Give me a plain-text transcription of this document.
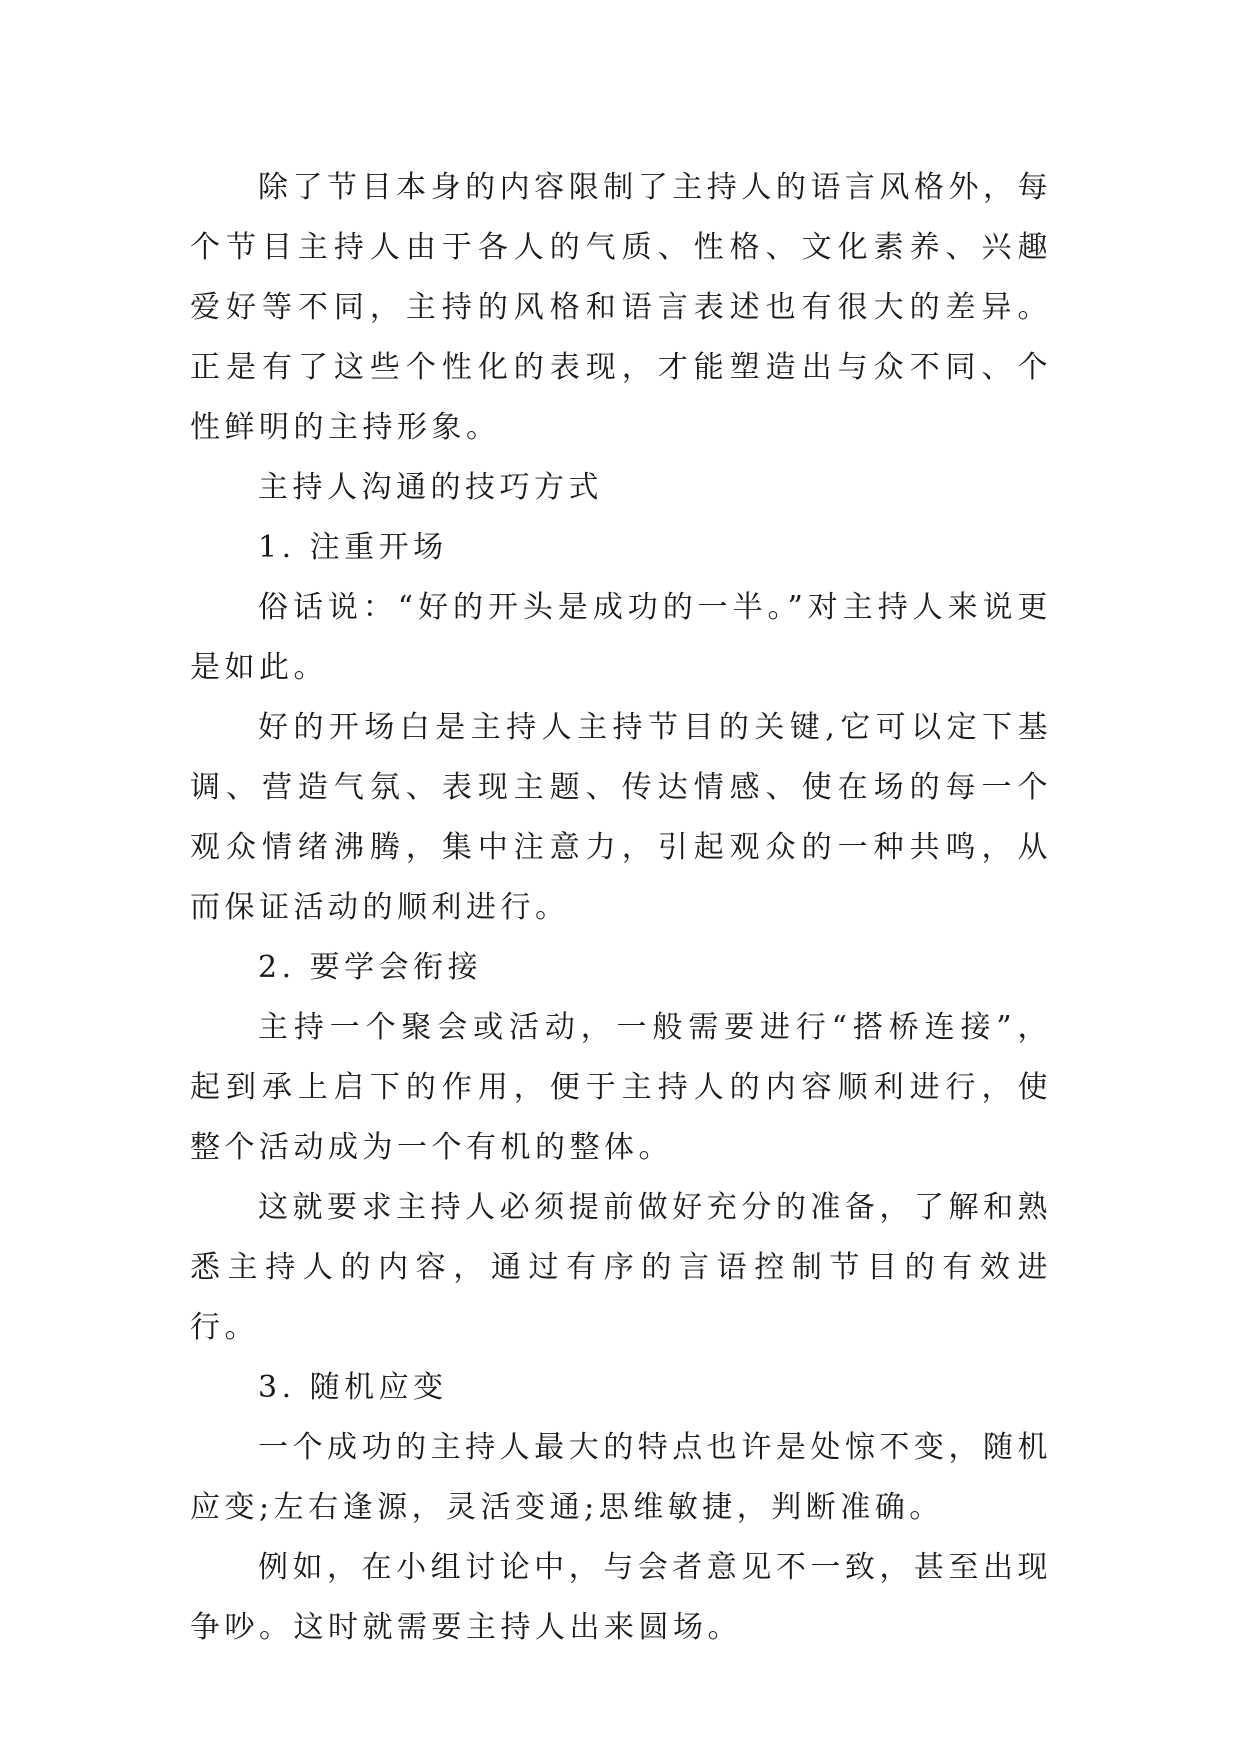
除了节目本身的内容限制了主持人的语言风格外，每个节目主持人由于各人的气质、性格、文化素养、兴趣爱好等不同，主持的风格和语言表述也有很大的差异。正是有了这些个性化的表现，才能塑造出与众不同、个性鲜明的主持形象。

主持人沟通的技巧方式

1. 注重开场

俗话说：“好的开头是成功的一半。”对主持人来说更是如此。

好的开场白是主持人主持节目的关键,它可以定下基调、营造气氛、表现主题、传达情感、使在场的每一个观众情绪沸腾，集中注意力，引起观众的一种共鸣，从而保证活动的顺利进行。

2. 要学会衔接

主持一个聚会或活动，一般需要进行“搭桥连接”，起到承上启下的作用，便于主持人的内容顺利进行，使整个活动成为一个有机的整体。

这就要求主持人必须提前做好充分的准备，了解和熟悉主持人的内容，通过有序的言语控制节目的有效进行。

3. 随机应变

一个成功的主持人最大的特点也许是处惊不变，随机应变;左右逢源，灵活变通;思维敏捷，判断准确。

例如，在小组讨论中，与会者意见不一致，甚至出现争吵。这时就需要主持人出来圆场。
